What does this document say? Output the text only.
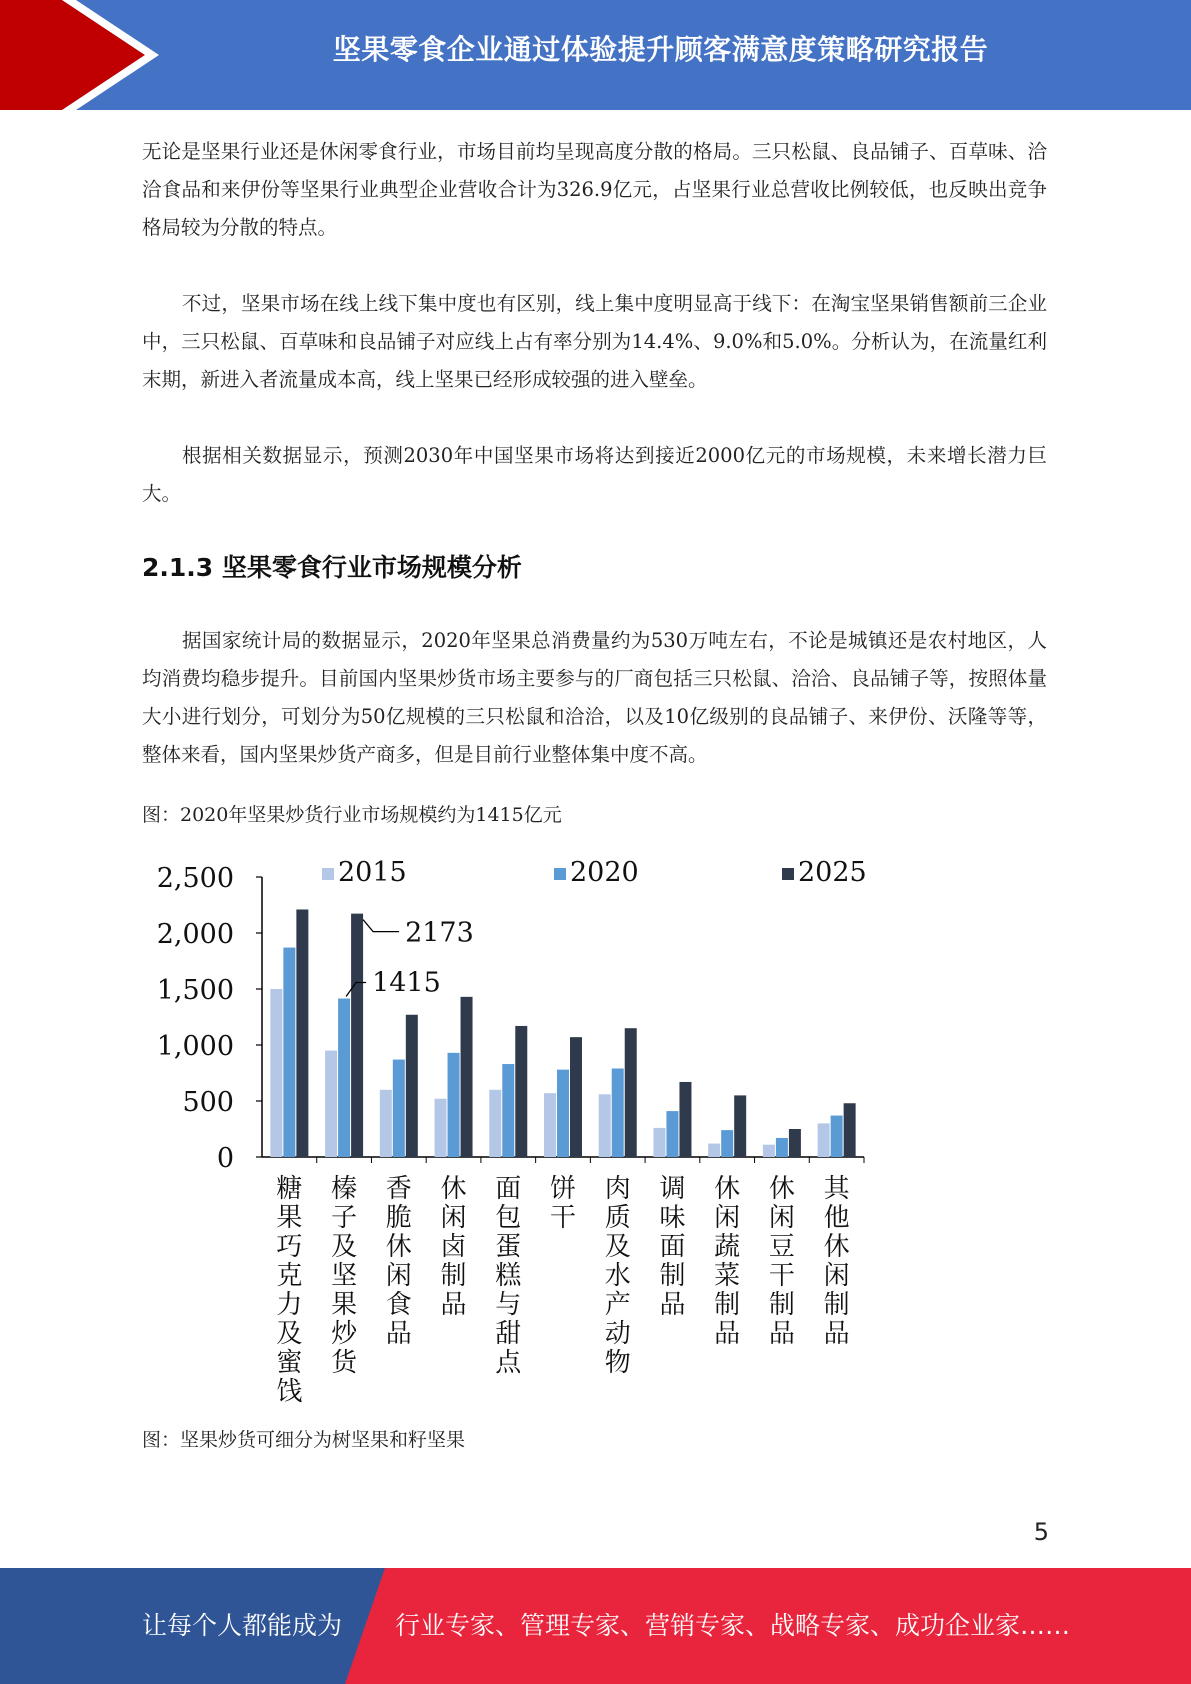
坚果零食企业通过体验提升顾客满意度策略研究报告

无论是坚果行业还是休闲零食行业，市场目前均呈现高度分散的格局。三只松鼠、良品铺子、百草味、洽洽食品和来伊份等坚果行业典型企业营收合计为326.9亿元，占坚果行业总营收比例较低，也反映出竞争格局较为分散的特点。

不过，坚果市场在线上线下集中度也有区别，线上集中度明显高于线下：在淘宝坚果销售额前三企业中，三只松鼠、百草味和良品铺子对应线上占有率分别为14.4%、9.0%和5.0%。分析认为，在流量红利末期，新进入者流量成本高，线上坚果已经形成较强的进入壁垒。

根据相关数据显示，预测2030年中国坚果市场将达到接近2000亿元的市场规模，未来增长潜力巨大。

2.1.3 坚果零食行业市场规模分析

据国家统计局的数据显示，2020年坚果总消费量约为530万吨左右，不论是城镇还是农村地区，人均消费均稳步提升。目前国内坚果炒货市场主要参与的厂商包括三只松鼠、洽洽、良品铺子等，按照体量大小进行划分，可划分为50亿规模的三只松鼠和洽洽，以及10亿级别的良品铺子、来伊份、沃隆等等，整体来看，国内坚果炒货产商多，但是目前行业整体集中度不高。

图：2020年坚果炒货行业市场规模约为1415亿元

2,500
2,000
1,500
1,000
500
0
糖果巧克力及蜜饯
榛子及坚果炒货
香脆休闲食品
休闲卤制品
面包蛋糕与甜点
饼干
肉质及水产动物
调味面制品
休闲蔬菜制品
休闲豆干制品
其他休闲制品
2173
1415
2015	2020	2025

图：坚果炒货可细分为树坚果和籽坚果

5
让每个人都能成为 行业专家、管理专家、营销专家、战略专家、成功企业家……
